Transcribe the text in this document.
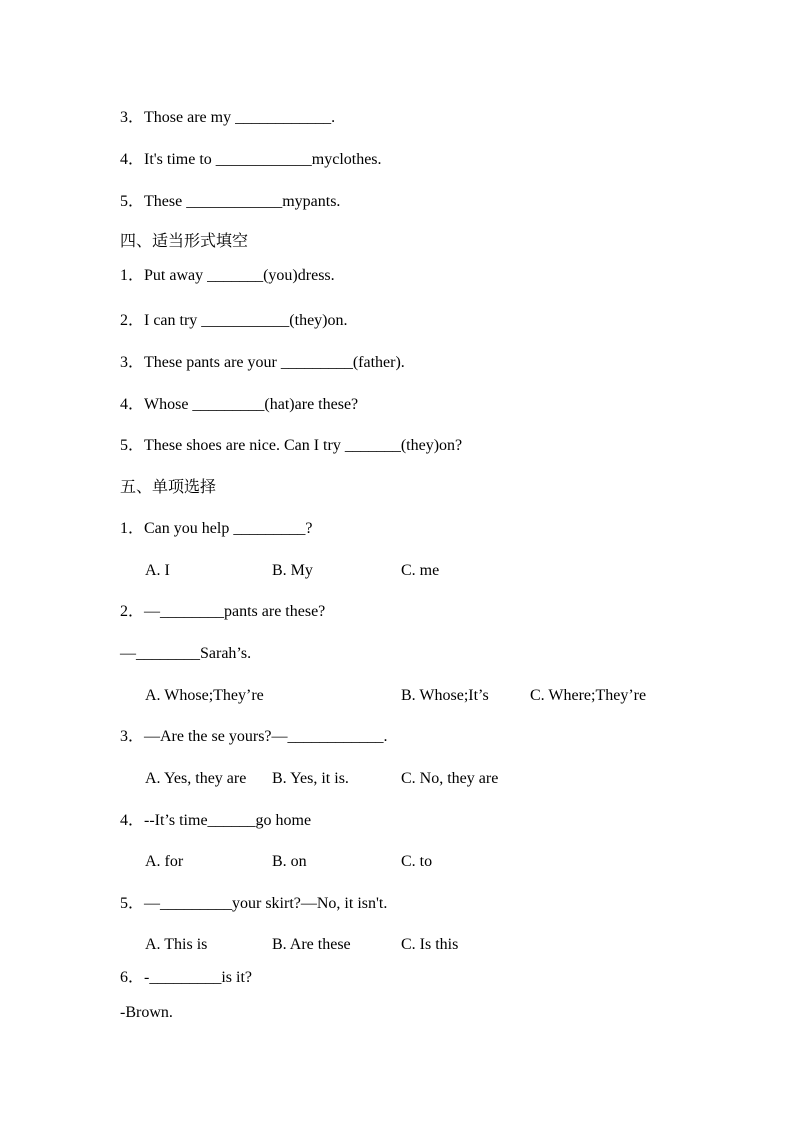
3．Those are my ____________.
4．It's time to ____________myclothes.
5．These ____________mypants.
四、适当形式填空
1．Put away _______(you)dress.
2．I can try ___________(they)on.
3．These pants are your _________(father).
4．Whose _________(hat)are these?
5．These shoes are nice. Can I try _______(they)on?
五、单项选择
1．Can you help _________?
A. I	B. My	C. me
2．—________pants are these?
—________Sarah’s.
A. Whose;They’re	B. Whose;It’s	C. Where;They’re
3．—Are the se yours?—____________.
A. Yes, they are B. Yes, it is.	C. No, they are
4．--It’s time______go home
A. for	B. on	C. to
5．—_________your skirt?—No, it isn't.
A. This is	B. Are these	C. Is this
6．-_________is it?
-Brown.
